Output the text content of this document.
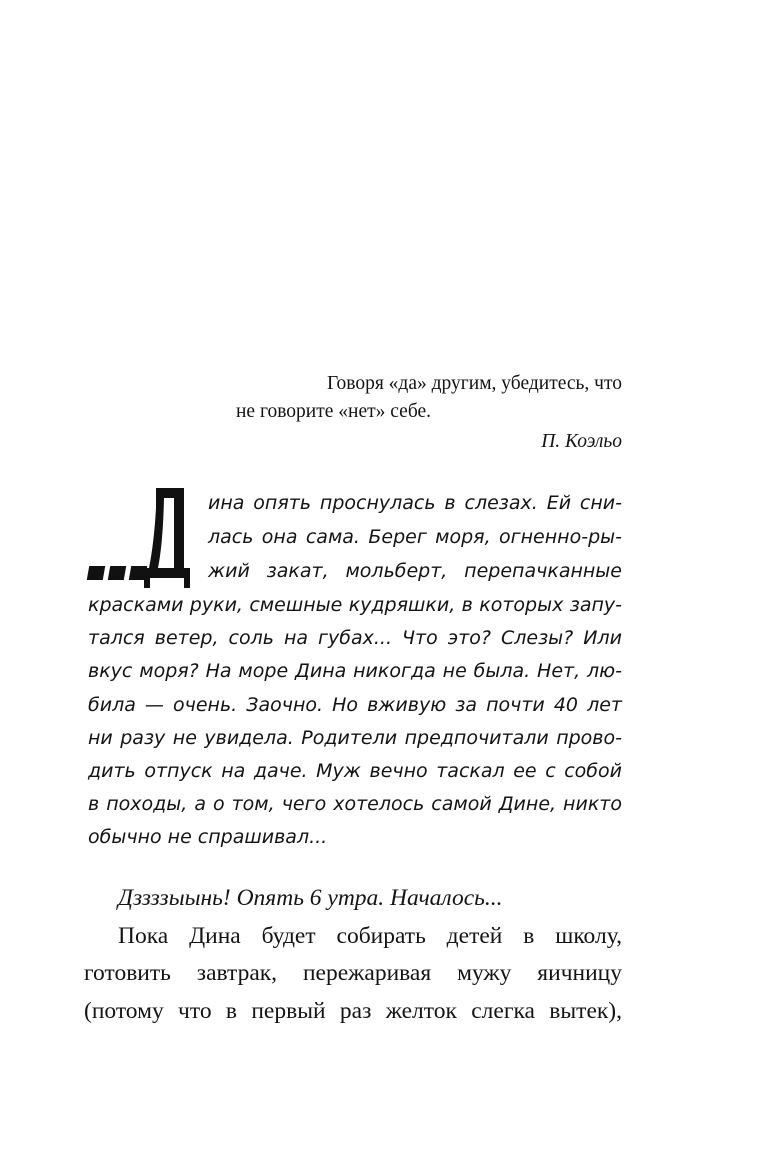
Говоря «да» другим, убедитесь, что
не говорите «нет» себе.
П. Коэльо
ина опять проснулась в слезах. Ей сни-
лась она сама. Берег моря, огненно-ры-
жий закат, мольберт, перепачканные
красками руки, смешные кудряшки, в которых запу-
тался ветер, соль на губах... Что это? Слезы? Или
вкус моря? На море Дина никогда не была. Нет, лю-
била — очень. Заочно. Но вживую за почти 40 лет
ни разу не увидела. Родители предпочитали прово-
дить отпуск на даче. Муж вечно таскал ее с собой
в походы, а о том, чего хотелось самой Дине, никто
обычно не спрашивал...
Дззззыынь! Опять 6 утра. Началось...
Пока Дина будет собирать детей в школу,
готовить завтрак, пережаривая мужу яичницу
(потому что в первый раз желток слегка вытек),
